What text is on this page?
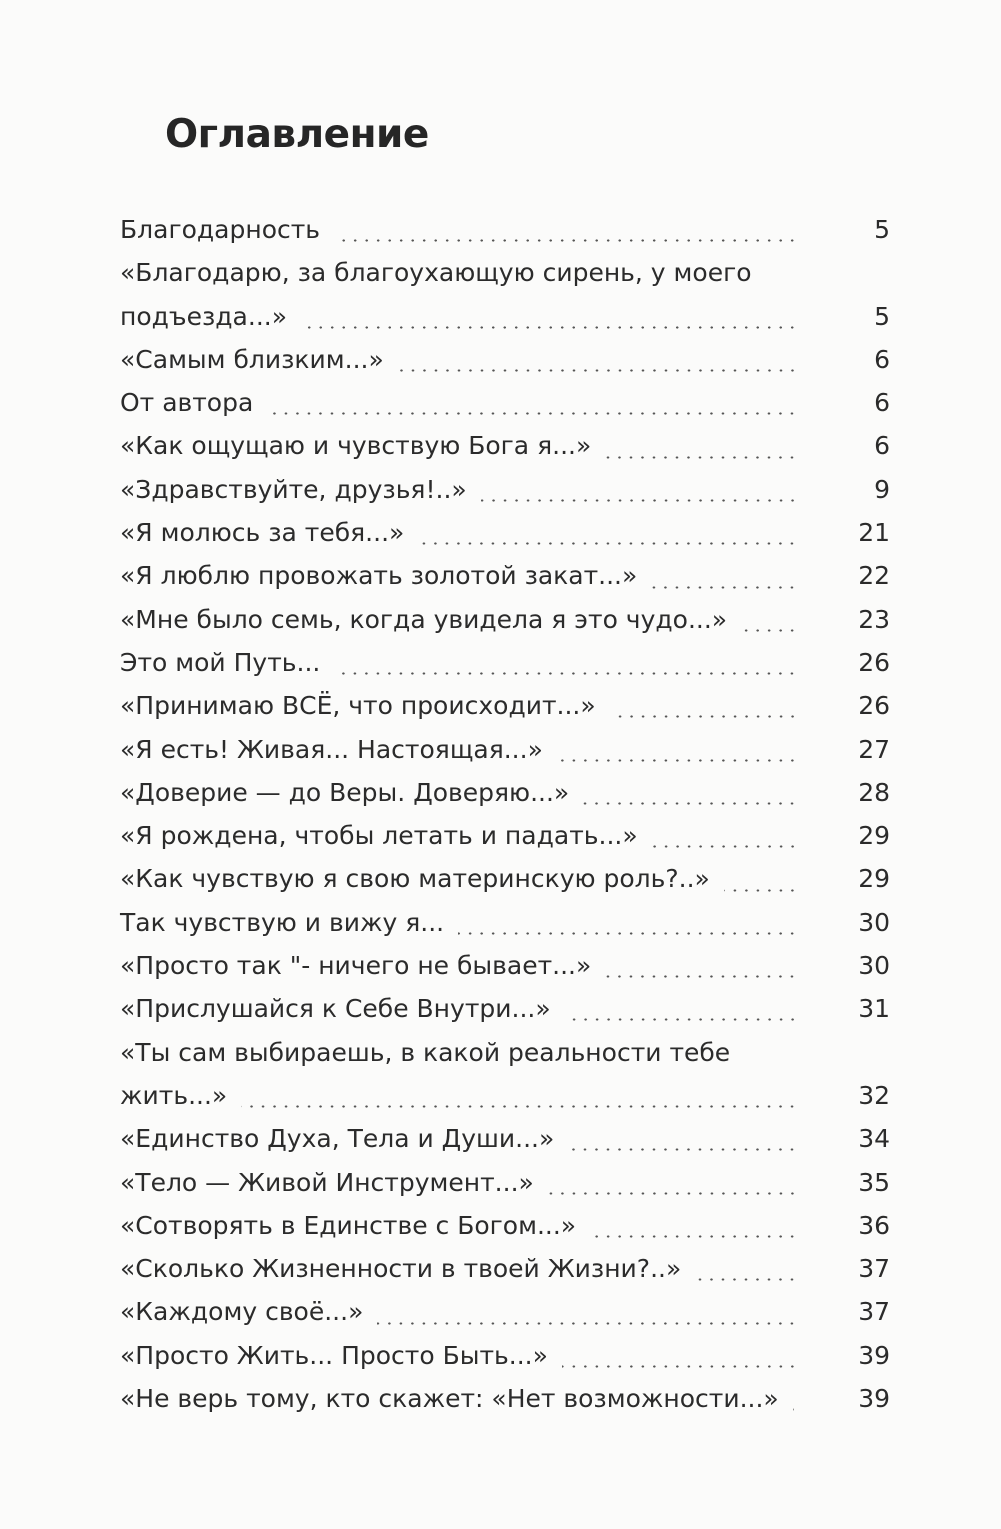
Оглавление
Благодарность	5
«Благодарю, за благоухающую сирень, у моего
подъезда...»	5
«Самым близким...»	6
От автора	6
«Как ощущаю и чувствую Бога я...»	6
«Здравствуйте, друзья!..»	9
«Я молюсь за тебя...»	21
«Я люблю провожать золотой закат...»	22
«Мне было семь, когда увидела я это чудо...»	23
Это мой Путь...	26
«Принимаю ВСЁ, что происходит...»	26
«Я есть! Живая... Настоящая...»	27
«Доверие — до Веры. Доверяю...»	28
«Я рождена, чтобы летать и падать...»	29
«Как чувствую я свою материнскую роль?..»	29
Так чувствую и вижу я...	30
«Просто так "- ничего не бывает...»	30
«Прислушайся к Себе Внутри...»	31
«Ты сам выбираешь, в какой реальности тебе
жить...»	32
«Единство Духа, Тела и Души...»	34
«Тело — Живой Инструмент...»	35
«Сотворять в Единстве с Богом...»	36
«Сколько Жизненности в твоей Жизни?..»	37
«Каждому своё...»	37
«Просто Жить... Просто Быть...»	39
«Не верь тому, кто скажет: «Нет возможности...»	39
